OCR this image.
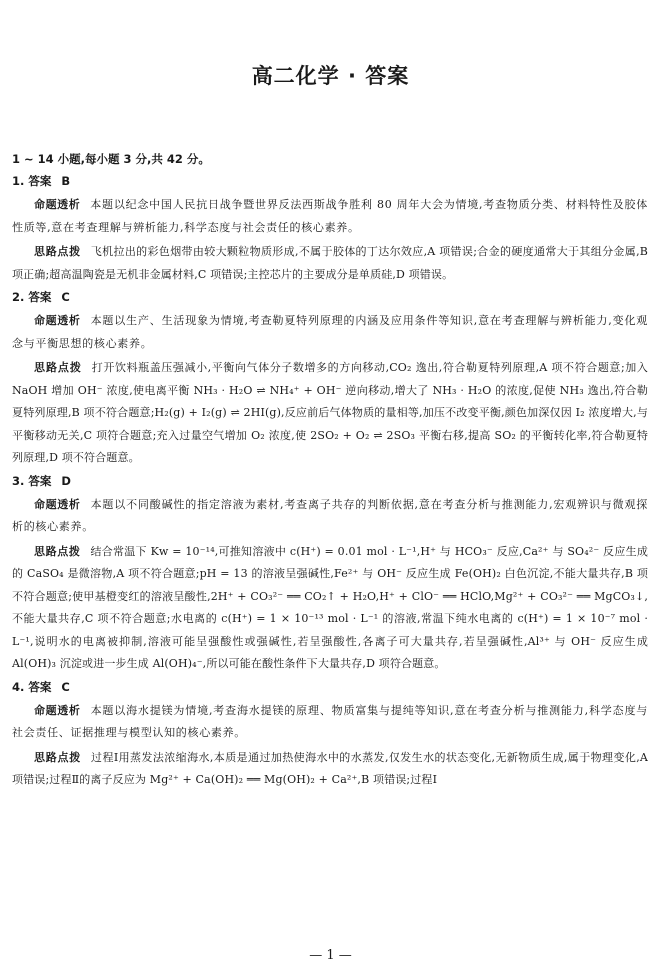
高二化学 · 答案
1 ~ 14 小题,每小题 3 分,共 42 分。
1. 答案 B

命题透析 本题以纪念中国人民抗日战争暨世界反法西斯战争胜利 80 周年大会为情境,考查物质分类、材料特性及胶体性质等,意在考查理解与辨析能力,科学态度与社会责任的核心素养。

思路点拨 飞机拉出的彩色烟带由较大颗粒物质形成,不属于胶体的丁达尔效应,A 项错误;合金的硬度通常大于其组分金属,B 项正确;超高温陶瓷是无机非金属材料,C 项错误;主控芯片的主要成分是单质硅,D 项错误。

2. 答案 C

命题透析 本题以生产、生活现象为情境,考查勒夏特列原理的内涵及应用条件等知识,意在考查理解与辨析能力,变化观念与平衡思想的核心素养。

思路点拨 打开饮料瓶盖压强减小,平衡向气体分子数增多的方向移动,CO₂ 逸出,符合勒夏特列原理,A 项不符合题意;加入 NaOH 增加 OH⁻ 浓度,使电离平衡 NH₃ · H₂O ⇌ NH₄⁺ + OH⁻ 逆向移动,增大了 NH₃ · H₂O 的浓度,促使 NH₃ 逸出,符合勒夏特列原理,B 项不符合题意;H₂(g) + I₂(g) ⇌ 2HI(g),反应前后气体物质的量相等,加压不改变平衡,颜色加深仅因 I₂ 浓度增大,与平衡移动无关,C 项符合题意;充入过量空气增加 O₂ 浓度,使 2SO₂ + O₂ ⇌ 2SO₃ 平衡右移,提高 SO₂ 的平衡转化率,符合勒夏特列原理,D 项不符合题意。

3. 答案 D

命题透析 本题以不同酸碱性的指定溶液为素材,考查离子共存的判断依据,意在考查分析与推测能力,宏观辨识与微观探析的核心素养。

思路点拨 结合常温下 Kw = 10⁻¹⁴,可推知溶液中 c(H⁺) = 0.01 mol · L⁻¹,H⁺ 与 HCO₃⁻ 反应,Ca²⁺ 与 SO₄²⁻ 反应生成的 CaSO₄ 是微溶物,A 项不符合题意;pH = 13 的溶液呈强碱性,Fe²⁺ 与 OH⁻ 反应生成 Fe(OH)₂ 白色沉淀,不能大量共存,B 项不符合题意;使甲基橙变红的溶液呈酸性,2H⁺ + CO₃²⁻ ══ CO₂↑ + H₂O,H⁺ + ClO⁻ ══ HClO,Mg²⁺ + CO₃²⁻ ══ MgCO₃↓,不能大量共存,C 项不符合题意;水电离的 c(H⁺) = 1 × 10⁻¹³ mol · L⁻¹ 的溶液,常温下纯水电离的 c(H⁺) = 1 × 10⁻⁷ mol · L⁻¹,说明水的电离被抑制,溶液可能呈强酸性或强碱性,若呈强酸性,各离子可大量共存,若呈强碱性,Al³⁺ 与 OH⁻ 反应生成 Al(OH)₃ 沉淀或进一步生成 Al(OH)₄⁻,所以可能在酸性条件下大量共存,D 项符合题意。

4. 答案 C

命题透析 本题以海水提镁为情境,考查海水提镁的原理、物质富集与提纯等知识,意在考查分析与推测能力,科学态度与社会责任、证据推理与模型认知的核心素养。

思路点拨 过程Ⅰ用蒸发法浓缩海水,本质是通过加热使海水中的水蒸发,仅发生水的状态变化,无新物质生成,属于物理变化,A 项错误;过程Ⅱ的离子反应为 Mg²⁺ + Ca(OH)₂ ══ Mg(OH)₂ + Ca²⁺,B 项错误;过程Ⅰ

— 1 —
